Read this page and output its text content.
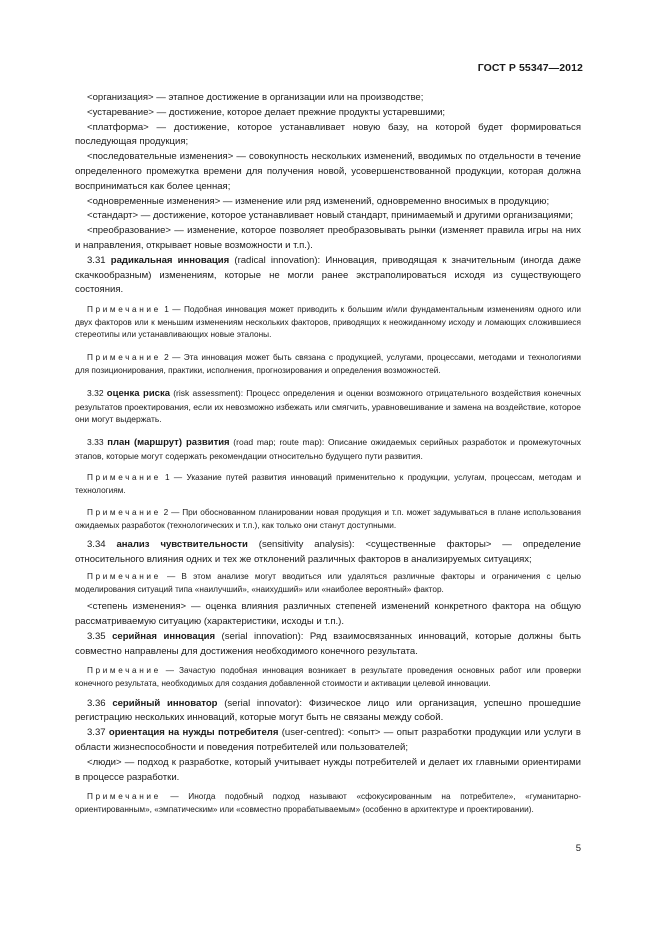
ГОСТ Р 55347—2012

<организация> — этапное достижение в организации или на производстве;

<устаревание> — достижение, которое делает прежние продукты устаревшими;

<платформа> — достижение, которое устанавливает новую базу, на которой будет формироваться последующая продукция;

<последовательные изменения> — совокупность нескольких изменений, вводимых по отдельности в течение определенного промежутка времени для получения новой, усовершенствованной продукции, которая должна восприниматься как более ценная;

<одновременные изменения> — изменение или ряд изменений, одновременно вносимых в продукцию;

<стандарт> — достижение, которое устанавливает новый стандарт, принимаемый и другими организациями;

<преобразование> — изменение, которое позволяет преобразовывать рынки (изменяет правила игры на них и направления, открывает новые возможности и т.п.).

3.31 радикальная инновация (radical innovation): Инновация, приводящая к значительным (иногда даже скачкообразным) изменениям, которые не могли ранее экстраполироваться исходя из существующего состояния.

Примечание 1 — Подобная инновация может приводить к большим и/или фундаментальным изменениям одного или двух факторов или к меньшим изменениям нескольких факторов, приводящих к неожиданному исходу и ломающих сложившиеся стереотипы или устанавливающих новые эталоны.

Примечание 2 — Эта инновация может быть связана с продукцией, услугами, процессами, методами и технологиями для позиционирования, практики, исполнения, прогнозирования и определения возможностей.

3.32 оценка риска (risk assessment): Процесс определения и оценки возможного отрицательного воздействия конечных результатов проектирования, если их невозможно избежать или смягчить, уравновешивание и замена на воздействие, которое они могут выдержать.

3.33 план (маршрут) развития (road map; route map): Описание ожидаемых серийных разработок и промежуточных этапов, которые могут содержать рекомендации относительно будущего пути развития.

Примечание 1 — Указание путей развития инноваций применительно к продукции, услугам, процессам, методам и технологиям.

Примечание 2 — При обоснованном планировании новая продукция и т.п. может задумываться в плане использования ожидаемых разработок (технологических и т.п.), как только они станут доступными.

3.34 анализ чувствительности (sensitivity analysis): <существенные факторы> — определение относительного влияния одних и тех же отклонений различных факторов в анализируемых ситуациях;

Примечание — В этом анализе могут вводиться или удаляться различные факторы и ограничения с целью моделирования ситуаций типа «наилучший», «наихудший» или «наиболее вероятный» фактор.

<степень изменения> — оценка влияния различных степеней изменений конкретного фактора на общую рассматриваемую ситуацию (характеристики, исходы и т.п.).

3.35 серийная инновация (serial innovation): Ряд взаимосвязанных инноваций, которые должны быть совместно направлены для достижения необходимого конечного результата.

Примечание — Зачастую подобная инновация возникает в результате проведения основных работ или проверки конечного результата, необходимых для создания добавленной стоимости и активации целевой инновации.

3.36 серийный инноватор (serial innovator): Физическое лицо или организация, успешно прошедшие регистрацию нескольких инноваций, которые могут быть не связаны между собой.

3.37 ориентация на нужды потребителя (user-centred): <опыт> — опыт разработки продукции или услуги в области жизнеспособности и поведения потребителей или пользователей;

<люди> — подход к разработке, который учитывает нужды потребителей и делает их главными ориентирами в процессе разработки.

Примечание — Иногда подобный подход называют «сфокусированным на потребителе», «гуманитарно-ориентированным», «эмпатическим» или «совместно прорабатываемым» (особенно в архитектуре и проектировании).

5
